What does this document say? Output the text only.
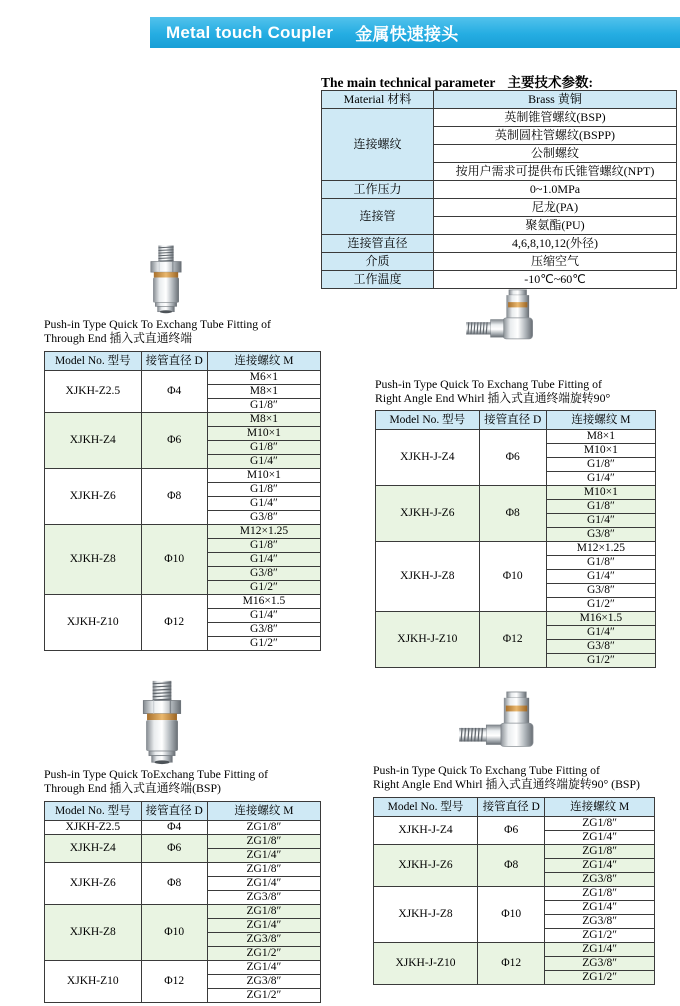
Metal touch Coupler 金属快速接头
The main technical parameter 主要技术参数:
Material 材料	Brass 黄铜
连接螺纹	英制锥管螺纹(BSP)
	英制圆柱管螺纹(BSPP)
	公制螺纹
	按用户需求可提供布氏锥管螺纹(NPT)
工作压力	0~1.0MPa
连接管	尼龙(PA)
	聚氨酯(PU)
连接管直径	4,6,8,10,12(外径)
介质	压缩空气
工作温度	-10℃~60℃
Push-in Type Quick To Exchang Tube Fitting of
Through End 插入式直通终端
Push-in Type Quick To Exchang Tube Fitting of
Right Angle End Whirl 插入式直通终端旋转90°
Push-in Type Quick ToExchang Tube Fitting of
Through End 插入式直通终端(BSP)
Push-in Type Quick To Exchang Tube Fitting of
Right Angle End Whirl 插入式直通终端旋转90° (BSP)
Model No. 型号	接管直径 D	连接螺纹 M
XJKH-Z2.5	Φ4	M6×1
		M8×1
		G1/8″
XJKH-Z4	Φ6	M8×1
		M10×1
		G1/8″
		G1/4″
XJKH-Z6	Φ8	M10×1
		G1/8″
		G1/4″
		G3/8″
XJKH-Z8	Φ10	M12×1.25
		G1/8″
		G1/4″
		G3/8″
		G1/2″
XJKH-Z10	Φ12	M16×1.5
		G1/4″
		G3/8″
		G1/2″
Model No. 型号	接管直径 D	连接螺纹 M
XJKH-J-Z4	Φ6	M8×1
		M10×1
		G1/8″
		G1/4″
XJKH-J-Z6	Φ8	M10×1
		G1/8″
		G1/4″
		G3/8″
XJKH-J-Z8	Φ10	M12×1.25
		G1/8″
		G1/4″
		G3/8″
		G1/2″
XJKH-J-Z10	Φ12	M16×1.5
		G1/4″
		G3/8″
		G1/2″
Model No. 型号	接管直径 D	连接螺纹 M
XJKH-Z2.5	Φ4	ZG1/8″
XJKH-Z4	Φ6	ZG1/8″
		ZG1/4″
XJKH-Z6	Φ8	ZG1/8″
		ZG1/4″
		ZG3/8″
XJKH-Z8	Φ10	ZG1/8″
		ZG1/4″
		ZG3/8″
		ZG1/2″
XJKH-Z10	Φ12	ZG1/4″
		ZG3/8″
		ZG1/2″
Model No. 型号	接管直径 D	连接螺纹 M
XJKH-J-Z4	Φ6	ZG1/8″
		ZG1/4″
XJKH-J-Z6	Φ8	ZG1/8″
		ZG1/4″
		ZG3/8″
XJKH-J-Z8	Φ10	ZG1/8″
		ZG1/4″
		ZG3/8″
		ZG1/2″
XJKH-J-Z10	Φ12	ZG1/4″
		ZG3/8″
		ZG1/2″
